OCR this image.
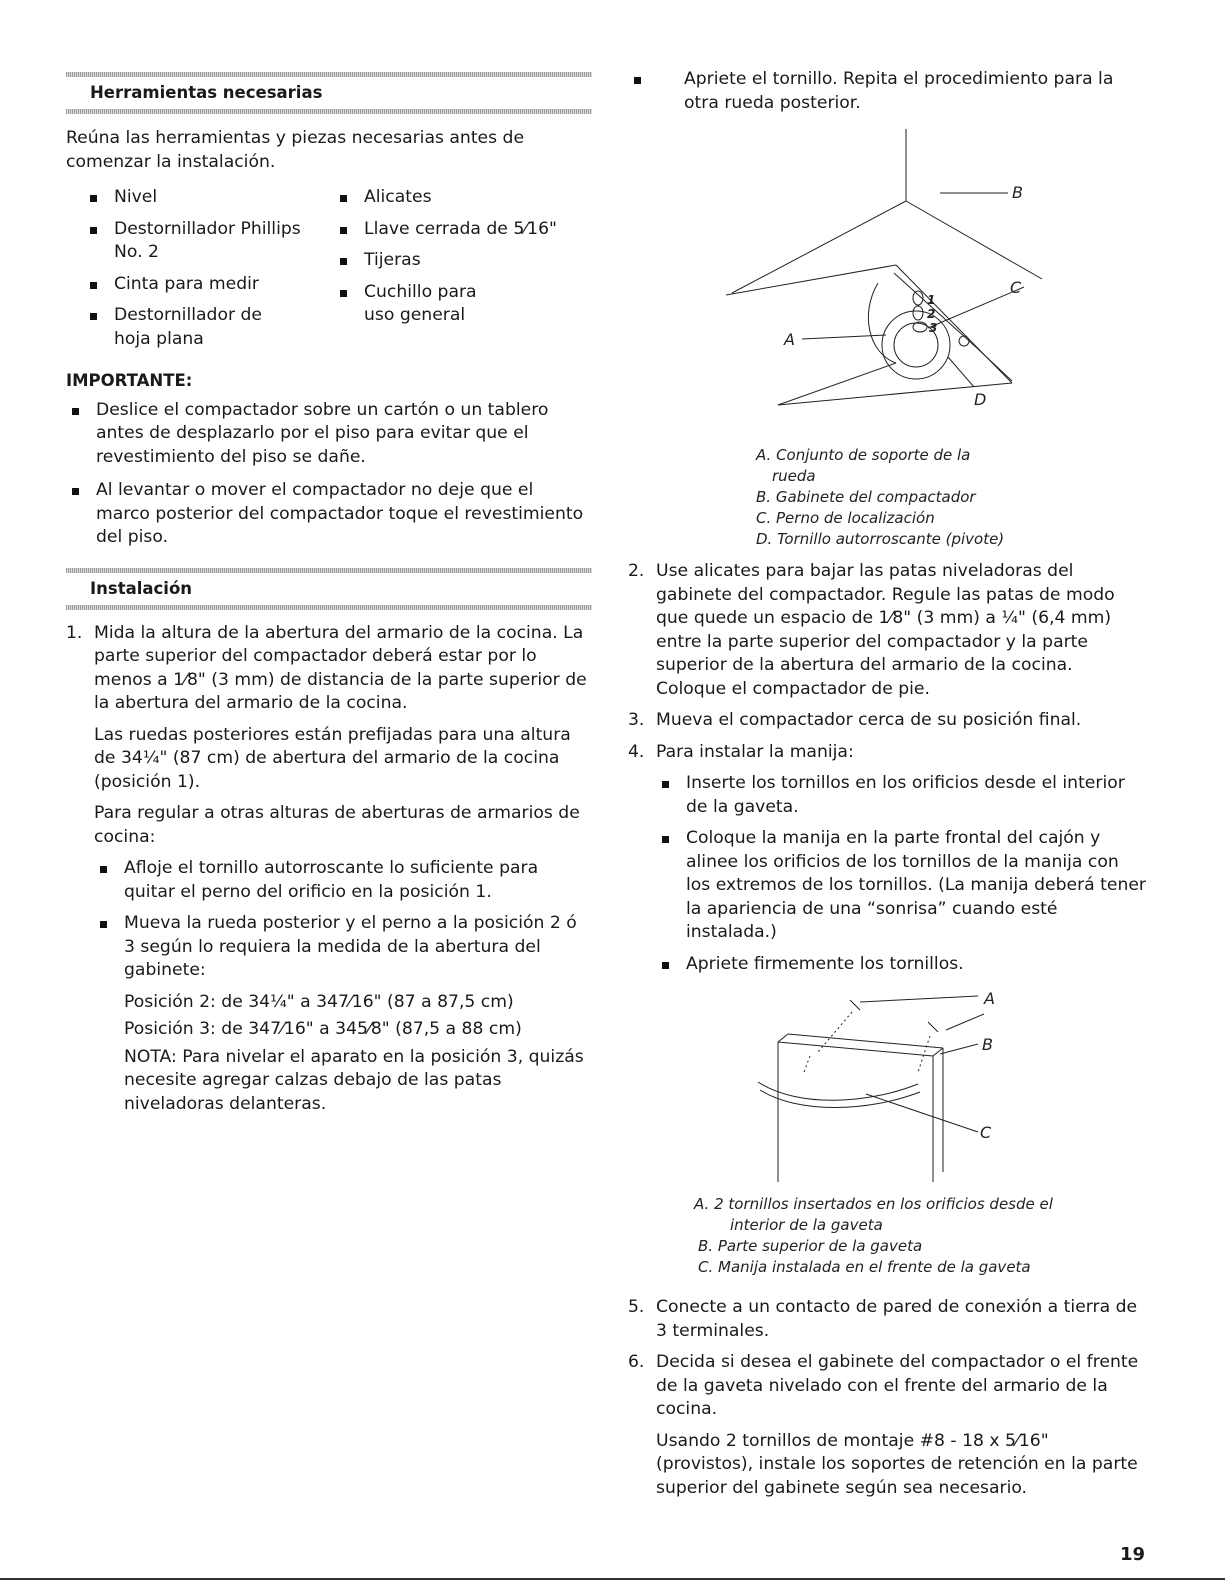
Herramientas necesarias

Reúna las herramientas y piezas necesarias antes de comenzar la instalación.

Nivel
Destornillador Phillips No. 2
Cinta para medir
Destornillador de hoja plana
Alicates
Llave cerrada de 5⁄16"
Tijeras
Cuchillo para uso general
IMPORTANTE:
Deslice el compactador sobre un cartón o un tablero antes de desplazarlo por el piso para evitar que el revestimiento del piso se dañe.
Al levantar o mover el compactador no deje que el marco posterior del compactador toque el revestimiento del piso.
Instalación
1. Mida la altura de la abertura del armario de la cocina. La parte superior del compactador deberá estar por lo menos a 1⁄8" (3 mm) de distancia de la parte superior de la abertura del armario de la cocina.

Las ruedas posteriores están prefijadas para una altura de 34¼" (87 cm) de abertura del armario de la cocina (posición 1).

Para regular a otras alturas de aberturas de armarios de cocina:

Afloje el tornillo autorroscante lo suficiente para quitar el perno del orificio en la posición 1.
Mueva la rueda posterior y el perno a la posición 2 ó 3 según lo requiera la medida de la abertura del gabinete:

Posición 2: de 34¼" a 347⁄16" (87 a 87,5 cm)

Posición 3: de 347⁄16" a 345⁄8" (87,5 a 88 cm)

NOTA: Para nivelar el aparato en la posición 3, quizás necesite agregar calzas debajo de las patas niveladoras delanteras.

Apriete el tornillo. Repita el procedimiento para la otra rueda posterior.
B
C
A
D
1
2
3
A. Conjunto de soporte de la
rueda
B. Gabinete del compactador
C. Perno de localización
D. Tornillo autorroscante (pivote)
2. Use alicates para bajar las patas niveladoras del gabinete del compactador. Regule las patas de modo que quede un espacio de 1⁄8" (3 mm) a ¼" (6,4 mm) entre la parte superior del compactador y la parte superior de la abertura del armario de la cocina. Coloque el compactador de pie.

3. Mueva el compactador cerca de su posición final.

4. Para instalar la manija:

Inserte los tornillos en los orificios desde el interior de la gaveta.
Coloque la manija en la parte frontal del cajón y alinee los orificios de los tornillos de la manija con los extremos de los tornillos. (La manija deberá tener la apariencia de una “sonrisa” cuando esté instalada.)
Apriete firmemente los tornillos.
A
B
C
A. 2 tornillos insertados en los orificios desde el
interior de la gaveta
B. Parte superior de la gaveta
C. Manija instalada en el frente de la gaveta
5. Conecte a un contacto de pared de conexión a tierra de 3 terminales.

6. Decida si desea el gabinete del compactador o el frente de la gaveta nivelado con el frente del armario de la cocina.

Usando 2 tornillos de montaje #8 - 18 x 5⁄16" (provistos), instale los soportes de retención en la parte superior del gabinete según sea necesario.

19
